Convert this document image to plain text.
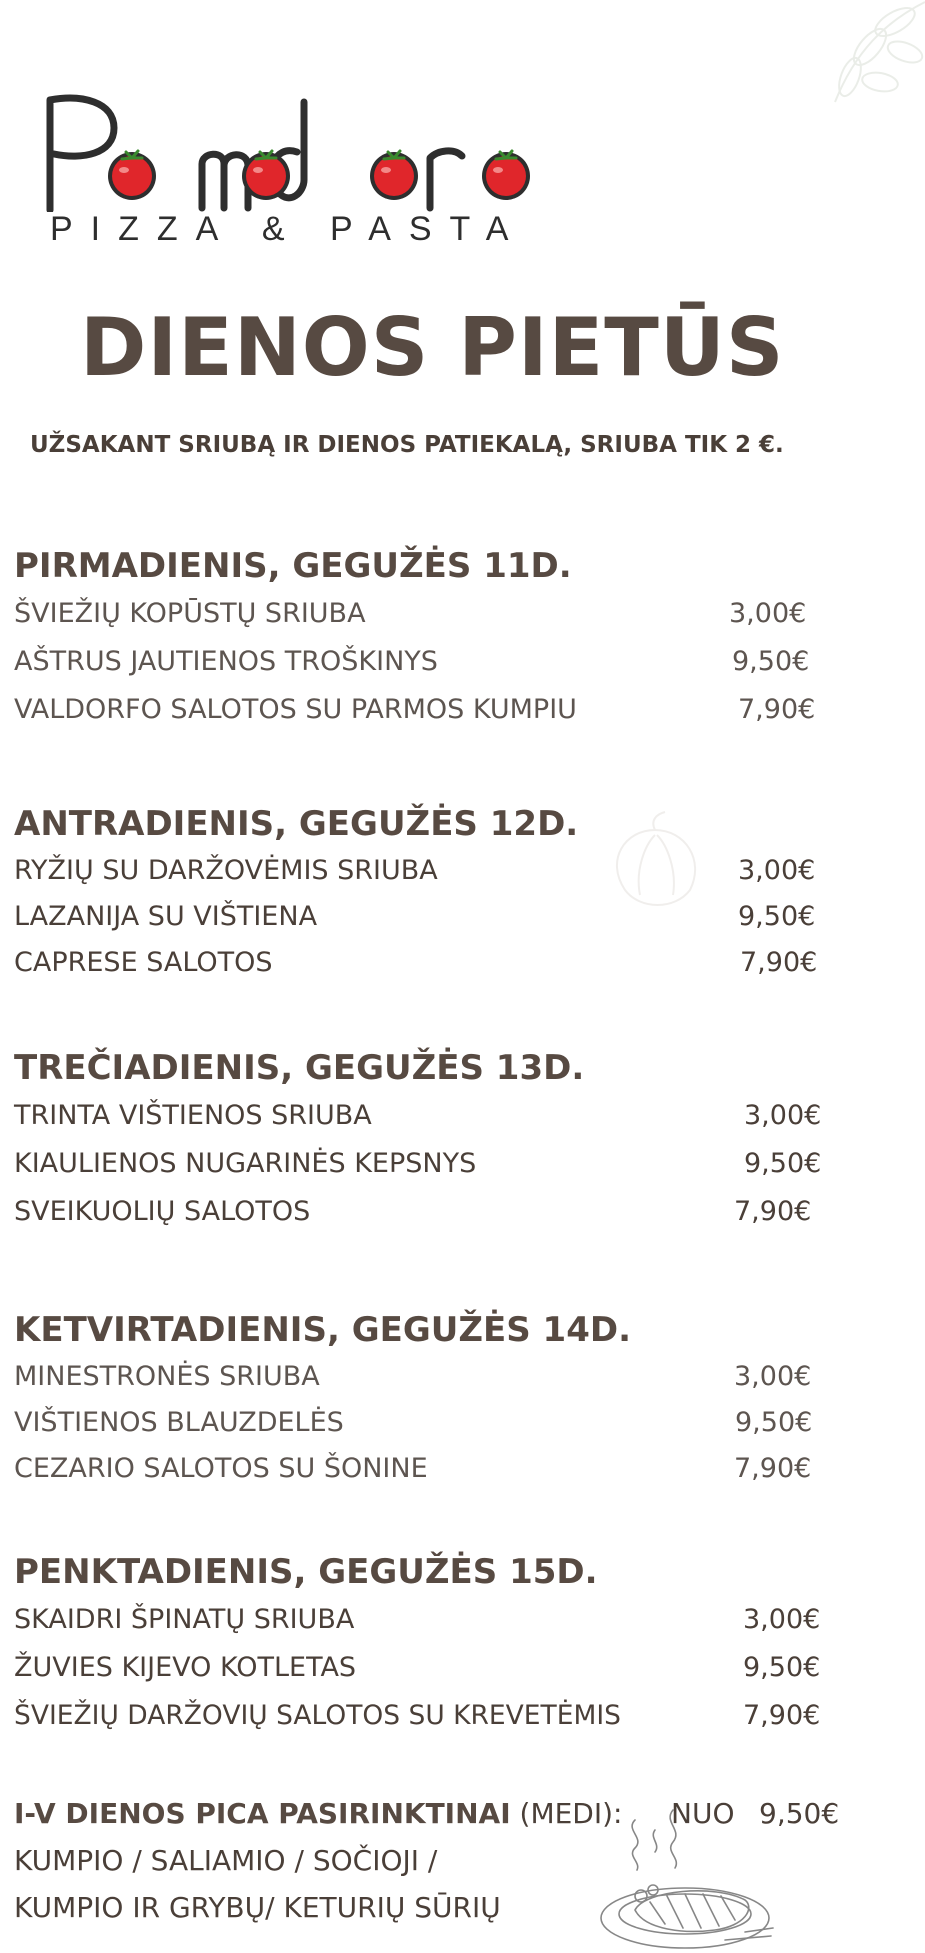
PIZZA & PASTA
DIENOS PIETŪS
UŽSAKANT SRIUBĄ IR DIENOS PATIEKALĄ, SRIUBA TIK 2 €.
PIRMADIENIS, GEGUŽĖS 11D.
ŠVIEŽIŲ KOPŪSTŲ SRIUBA	3,00€
AŠTRUS JAUTIENOS TROŠKINYS	9,50€
VALDORFO SALOTOS SU PARMOS KUMPIU	7,90€
ANTRADIENIS, GEGUŽĖS 12D.
RYŽIŲ SU DARŽOVĖMIS SRIUBA	3,00€
LAZANIJA SU VIŠTIENA	9,50€
CAPRESE SALOTOS	7,90€
TREČIADIENIS, GEGUŽĖS 13D.
TRINTA VIŠTIENOS SRIUBA	3,00€
KIAULIENOS NUGARINĖS KEPSNYS	9,50€
SVEIKUOLIŲ SALOTOS	7,90€
KETVIRTADIENIS, GEGUŽĖS 14D.
MINESTRONĖS SRIUBA	3,00€
VIŠTIENOS BLAUZDELĖS	9,50€
CEZARIO SALOTOS SU ŠONINE	7,90€
PENKTADIENIS, GEGUŽĖS 15D.
SKAIDRI ŠPINATŲ SRIUBA	3,00€
ŽUVIES KIJEVO KOTLETAS	9,50€
ŠVIEŽIŲ DARŽOVIŲ SALOTOS SU KREVETĖMIS	7,90€
I-V DIENOS PICA PASIRINKTINAI (MEDI): NUO 9,50€
KUMPIO / SALIAMIO / SOČIOJI /
KUMPIO IR GRYBŲ/ KETURIŲ SŪRIŲ
